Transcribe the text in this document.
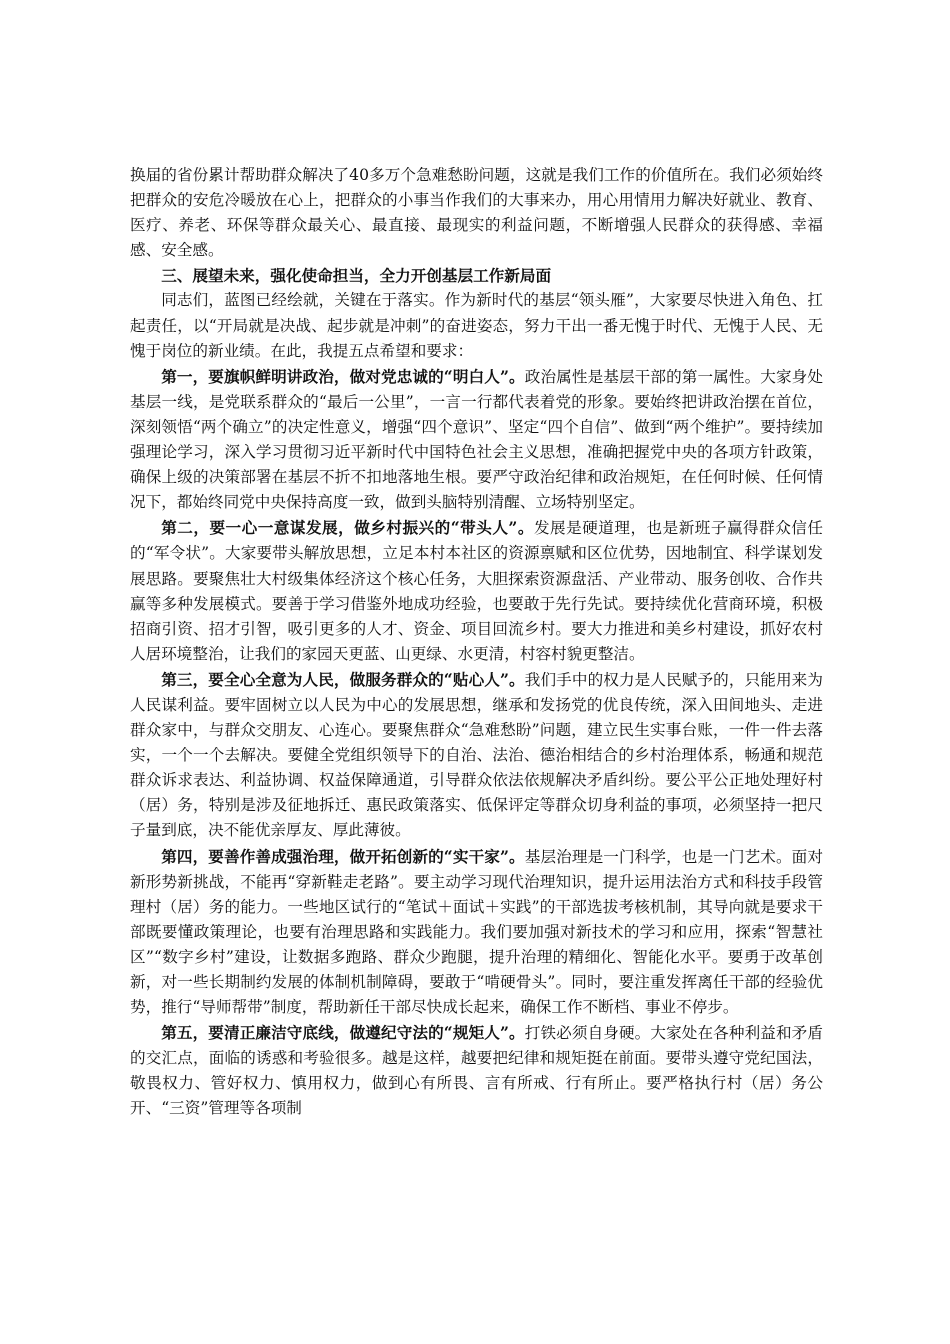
换届的省份累计帮助群众解决了40多万个急难愁盼问题，这就是我们工作的价值所在。我们必须始终把群众的安危冷暖放在心上，把群众的小事当作我们的大事来办，用心用情用力解决好就业、教育、医疗、养老、环保等群众最关心、最直接、最现实的利益问题，不断增强人民群众的获得感、幸福感、安全感。

三、展望未来，强化使命担当，全力开创基层工作新局面

同志们，蓝图已经绘就，关键在于落实。作为新时代的基层“领头雁”，大家要尽快进入角色、扛起责任，以“开局就是决战、起步就是冲刺”的奋进姿态，努力干出一番无愧于时代、无愧于人民、无愧于岗位的新业绩。在此，我提五点希望和要求：

第一，要旗帜鲜明讲政治，做对党忠诚的“明白人”。政治属性是基层干部的第一属性。大家身处基层一线，是党联系群众的“最后一公里”，一言一行都代表着党的形象。要始终把讲政治摆在首位，深刻领悟“两个确立”的决定性意义，增强“四个意识”、坚定“四个自信”、做到“两个维护”。要持续加强理论学习，深入学习贯彻习近平新时代中国特色社会主义思想，准确把握党中央的各项方针政策，确保上级的决策部署在基层不折不扣地落地生根。要严守政治纪律和政治规矩，在任何时候、任何情况下，都始终同党中央保持高度一致，做到头脑特别清醒、立场特别坚定。

第二，要一心一意谋发展，做乡村振兴的“带头人”。发展是硬道理，也是新班子赢得群众信任的“军令状”。大家要带头解放思想，立足本村本社区的资源禀赋和区位优势，因地制宜、科学谋划发展思路。要聚焦壮大村级集体经济这个核心任务，大胆探索资源盘活、产业带动、服务创收、合作共赢等多种发展模式。要善于学习借鉴外地成功经验，也要敢于先行先试。要持续优化营商环境，积极招商引资、招才引智，吸引更多的人才、资金、项目回流乡村。要大力推进和美乡村建设，抓好农村人居环境整治，让我们的家园天更蓝、山更绿、水更清，村容村貌更整洁。

第三，要全心全意为人民，做服务群众的“贴心人”。我们手中的权力是人民赋予的，只能用来为人民谋利益。要牢固树立以人民为中心的发展思想，继承和发扬党的优良传统，深入田间地头、走进群众家中，与群众交朋友、心连心。要聚焦群众“急难愁盼”问题，建立民生实事台账，一件一件去落实，一个一个去解决。要健全党组织领导下的自治、法治、德治相结合的乡村治理体系，畅通和规范群众诉求表达、利益协调、权益保障通道，引导群众依法依规解决矛盾纠纷。要公平公正地处理好村（居）务，特别是涉及征地拆迁、惠民政策落实、低保评定等群众切身利益的事项，必须坚持一把尺子量到底，决不能优亲厚友、厚此薄彼。

第四，要善作善成强治理，做开拓创新的“实干家”。基层治理是一门科学，也是一门艺术。面对新形势新挑战，不能再“穿新鞋走老路”。要主动学习现代治理知识，提升运用法治方式和科技手段管理村（居）务的能力。一些地区试行的“笔试＋面试＋实践”的干部选拔考核机制，其导向就是要求干部既要懂政策理论，也要有治理思路和实践能力。我们要加强对新技术的学习和应用，探索“智慧社区”“数字乡村”建设，让数据多跑路、群众少跑腿，提升治理的精细化、智能化水平。要勇于改革创新，对一些长期制约发展的体制机制障碍，要敢于“啃硬骨头”。同时，要注重发挥离任干部的经验优势，推行“导师帮带”制度，帮助新任干部尽快成长起来，确保工作不断档、事业不停步。

第五，要清正廉洁守底线，做遵纪守法的“规矩人”。打铁必须自身硬。大家处在各种利益和矛盾的交汇点，面临的诱惑和考验很多。越是这样，越要把纪律和规矩挺在前面。要带头遵守党纪国法，敬畏权力、管好权力、慎用权力，做到心有所畏、言有所戒、行有所止。要严格执行村（居）务公开、“三资”管理等各项制
